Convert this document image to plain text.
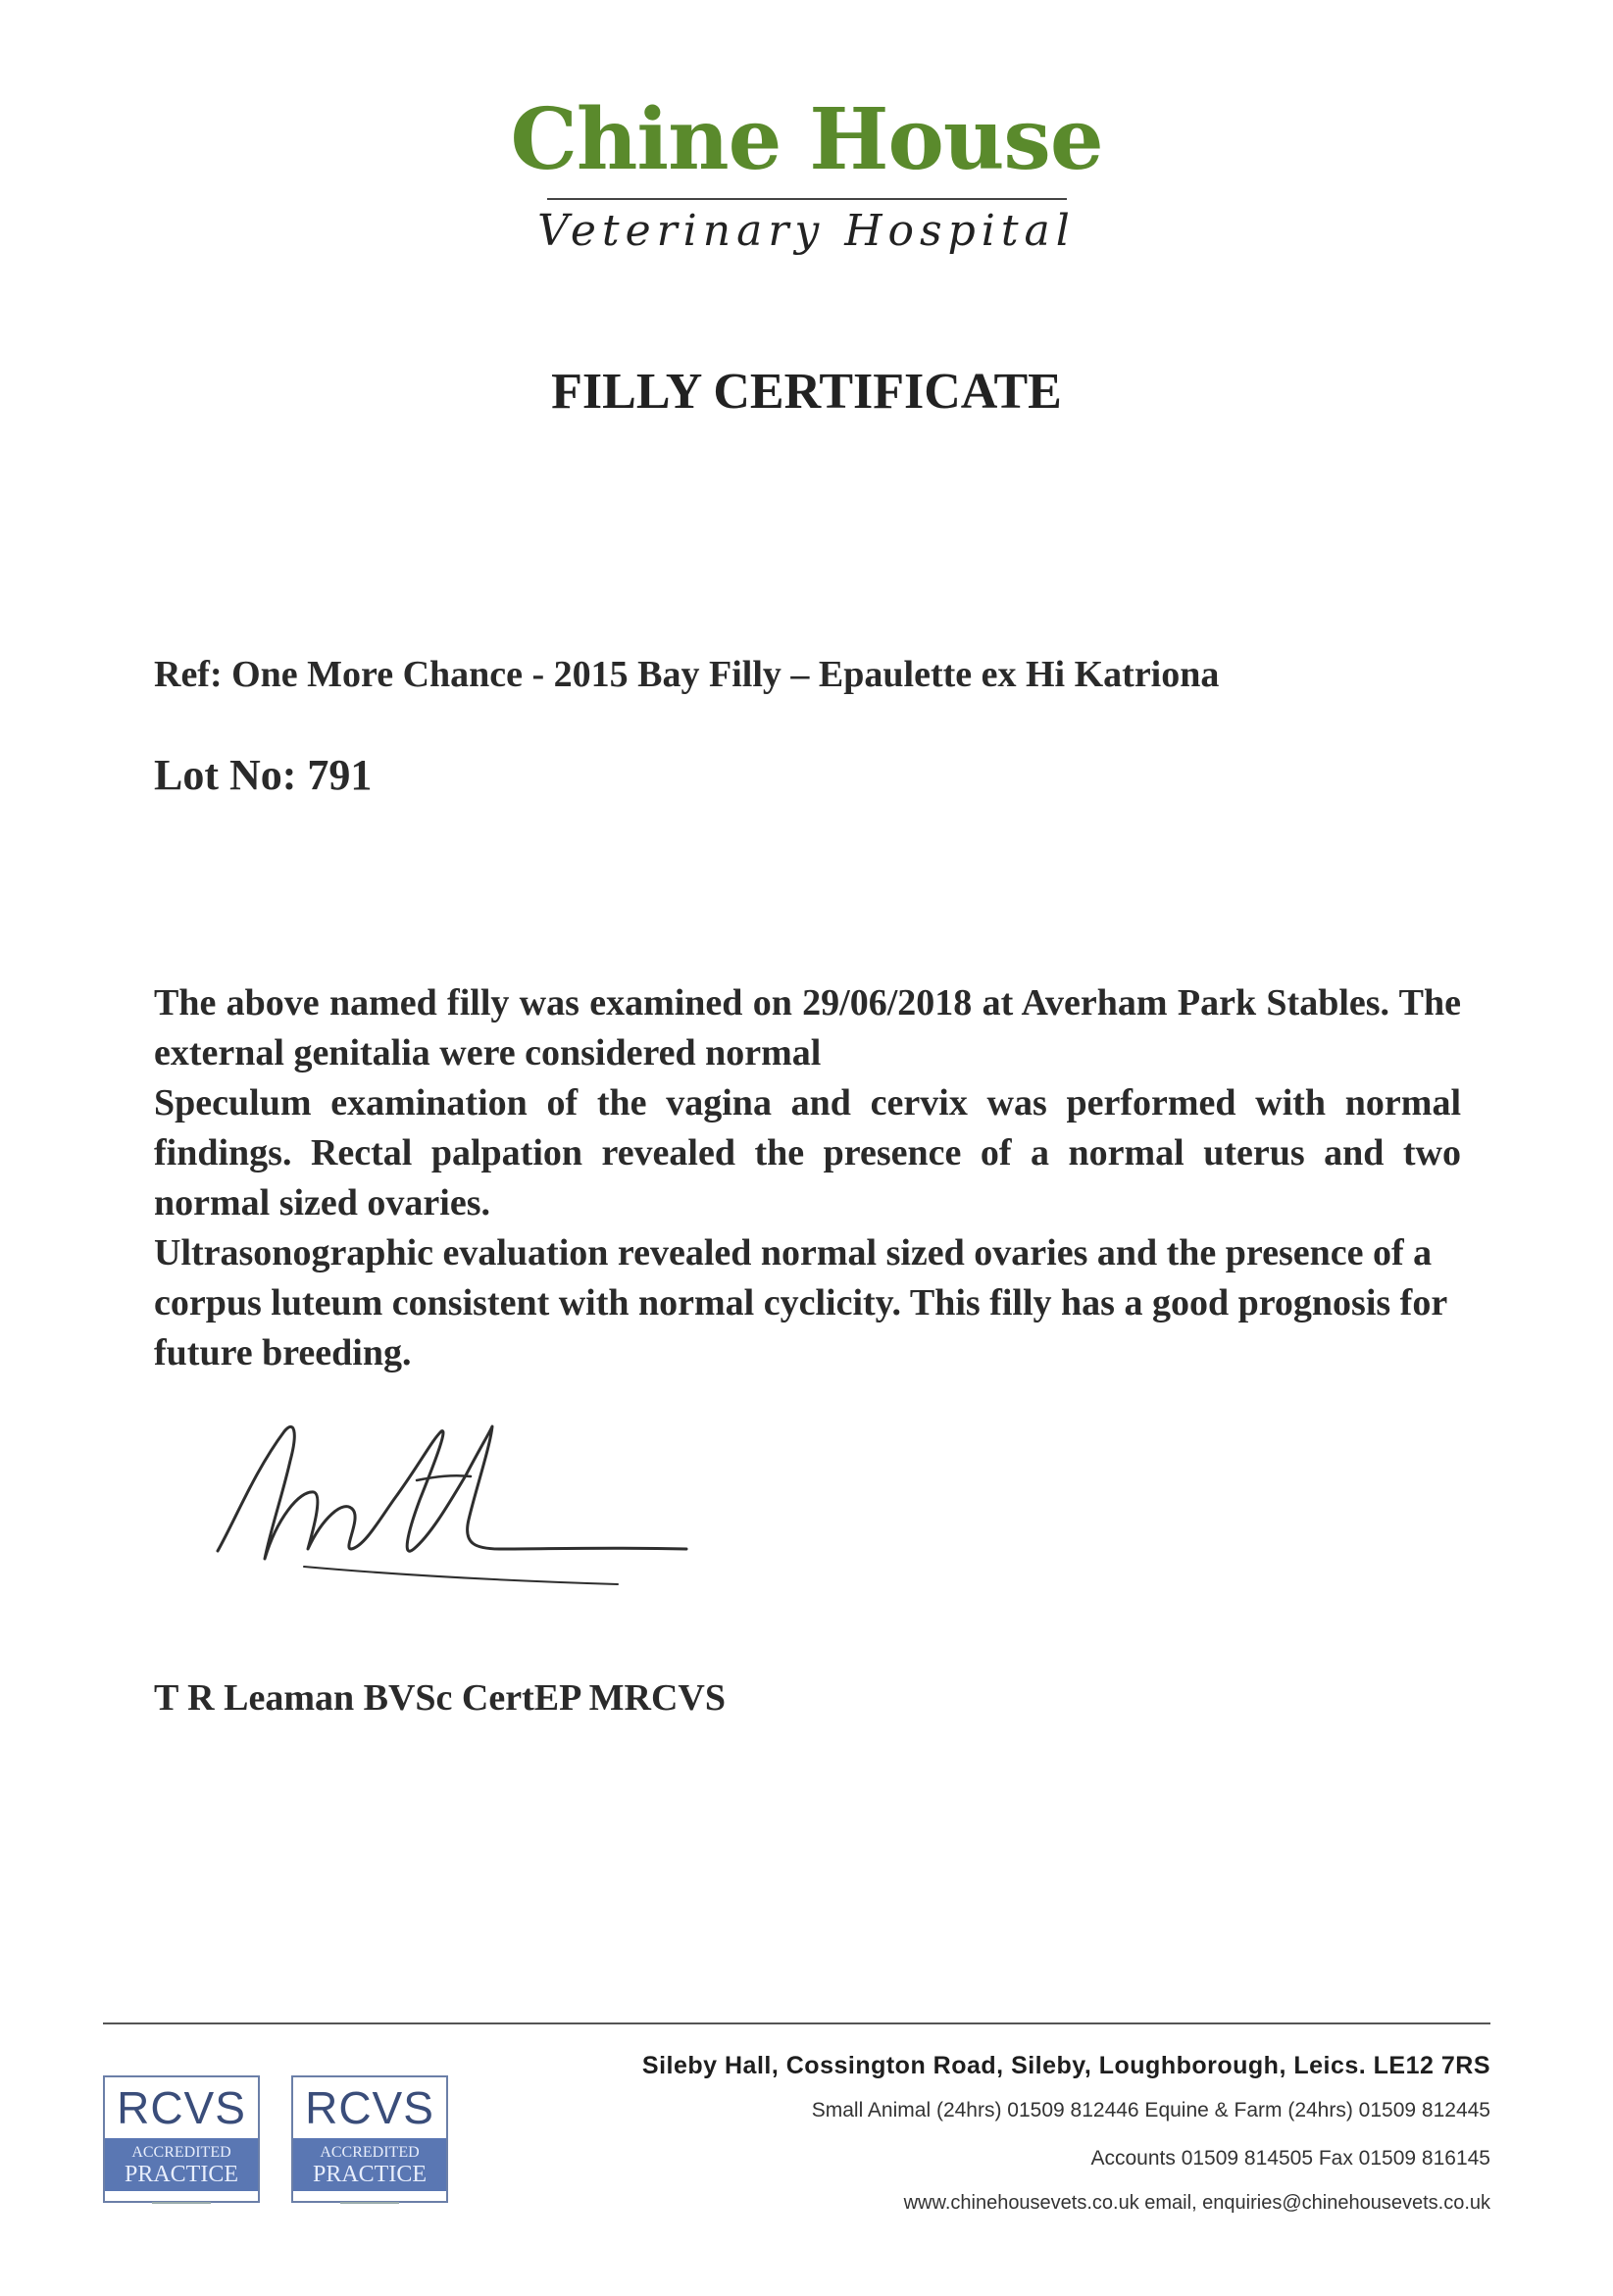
Chine House
Veterinary Hospital
FILLY CERTIFICATE
Ref: One More Chance - 2015 Bay Filly – Epaulette ex Hi Katriona
Lot No: 791

The above named filly was examined on 29/06/2018 at Averham Park Stables. The external genitalia were considered normal

Speculum examination of the vagina and cervix was performed with normal findings. Rectal palpation revealed the presence of a normal uterus and two normal sized ovaries.

Ultrasonographic evaluation revealed normal sized ovaries and the presence of a corpus luteum consistent with normal cyclicity. This filly has a good prognosis for future breeding.

T R Leaman BVSc CertEP MRCVS
RCVS
ACCREDITED
PRACTICE
RCVS
ACCREDITED
PRACTICE
Sileby Hall, Cossington Road, Sileby, Loughborough, Leics. LE12 7RS
Small Animal (24hrs) 01509 812446 Equine & Farm (24hrs) 01509 812445
Accounts 01509 814505 Fax 01509 816145
www.chinehousevets.co.uk email, enquiries@chinehousevets.co.uk
